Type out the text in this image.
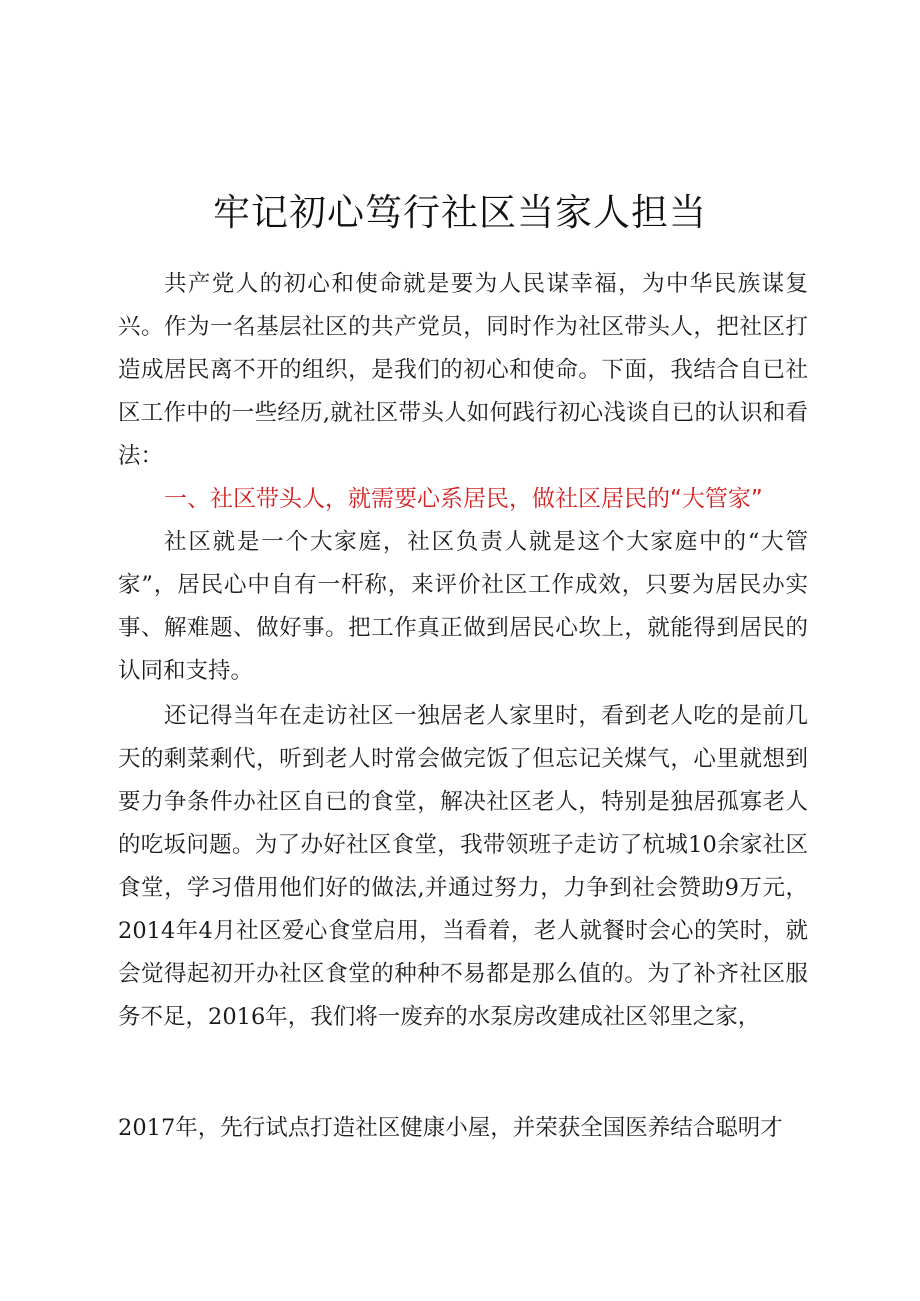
牢记初心笃行社区当家人担当

共产党人的初心和使命就是要为人民谋幸福，为中华民族谋复兴。作为一名基层社区的共产党员，同时作为社区带头人，把社区打造成居民离不开的组织，是我们的初心和使命。下面，我结合自已社区工作中的一些经历,就社区带头人如何践行初心浅谈自已的认识和看法：

一、社区带头人，就需要心系居民，做社区居民的“大管家”

社区就是一个大家庭，社区负责人就是这个大家庭中的“大管家”，居民心中自有一杆称，来评价社区工作成效，只要为居民办实事、解难题、做好事。把工作真正做到居民心坎上，就能得到居民的认同和支持。

还记得当年在走访社区一独居老人家里时，看到老人吃的是前几天的剩菜剩代，听到老人时常会做完饭了但忘记关煤气，心里就想到要力争条件办社区自已的食堂，解决社区老人，特别是独居孤寡老人的吃坂问题。为了办好社区食堂，我带领班子走访了杭城10余家社区食堂，学习借用他们好的做法,并通过努力，力争到社会赞助9万元，2014年4月社区爱心食堂启用，当看着，老人就餐时会心的笑时，就会觉得起初开办社区食堂的种种不易都是那么值的。为了补齐社区服务不足，2016年，我们将一废弃的水泵房改建成社区邻里之家，

2017年，先行试点打造社区健康小屋，并荣获全国医养结合聪明才
